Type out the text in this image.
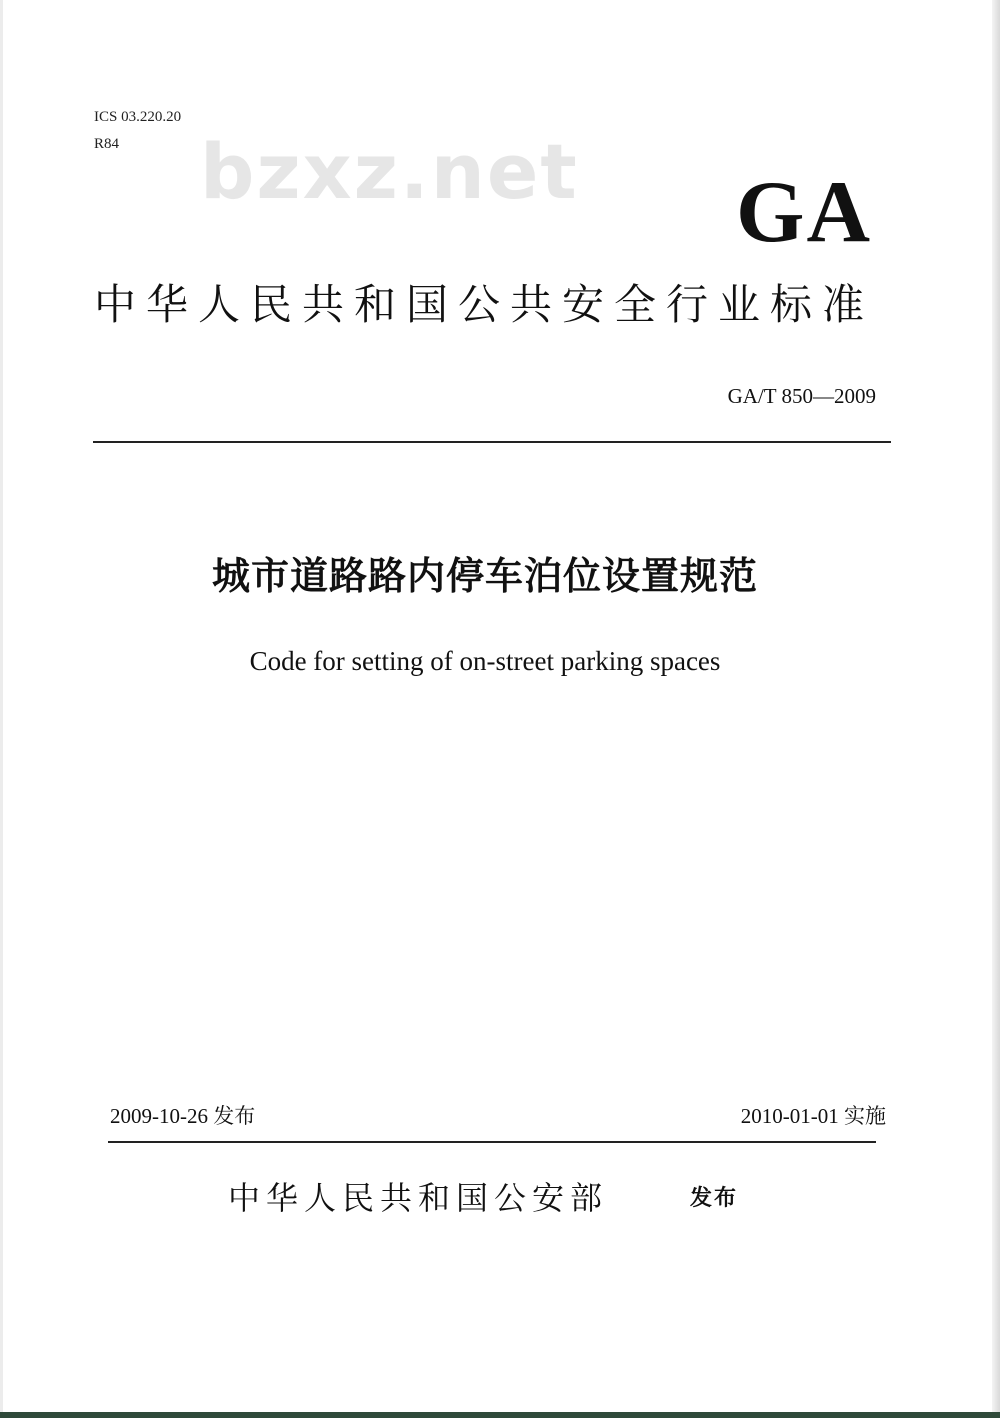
ICS 03.220.20
R84 bzxz.net GA
中华人民共和国公共安全行业标准
GA/T 850—2009
城市道路路内停车泊位设置规范
Code for setting of on-street parking spaces
2009-10-26 发布	2010-01-01 实施
中华人民共和国公安部	发布
